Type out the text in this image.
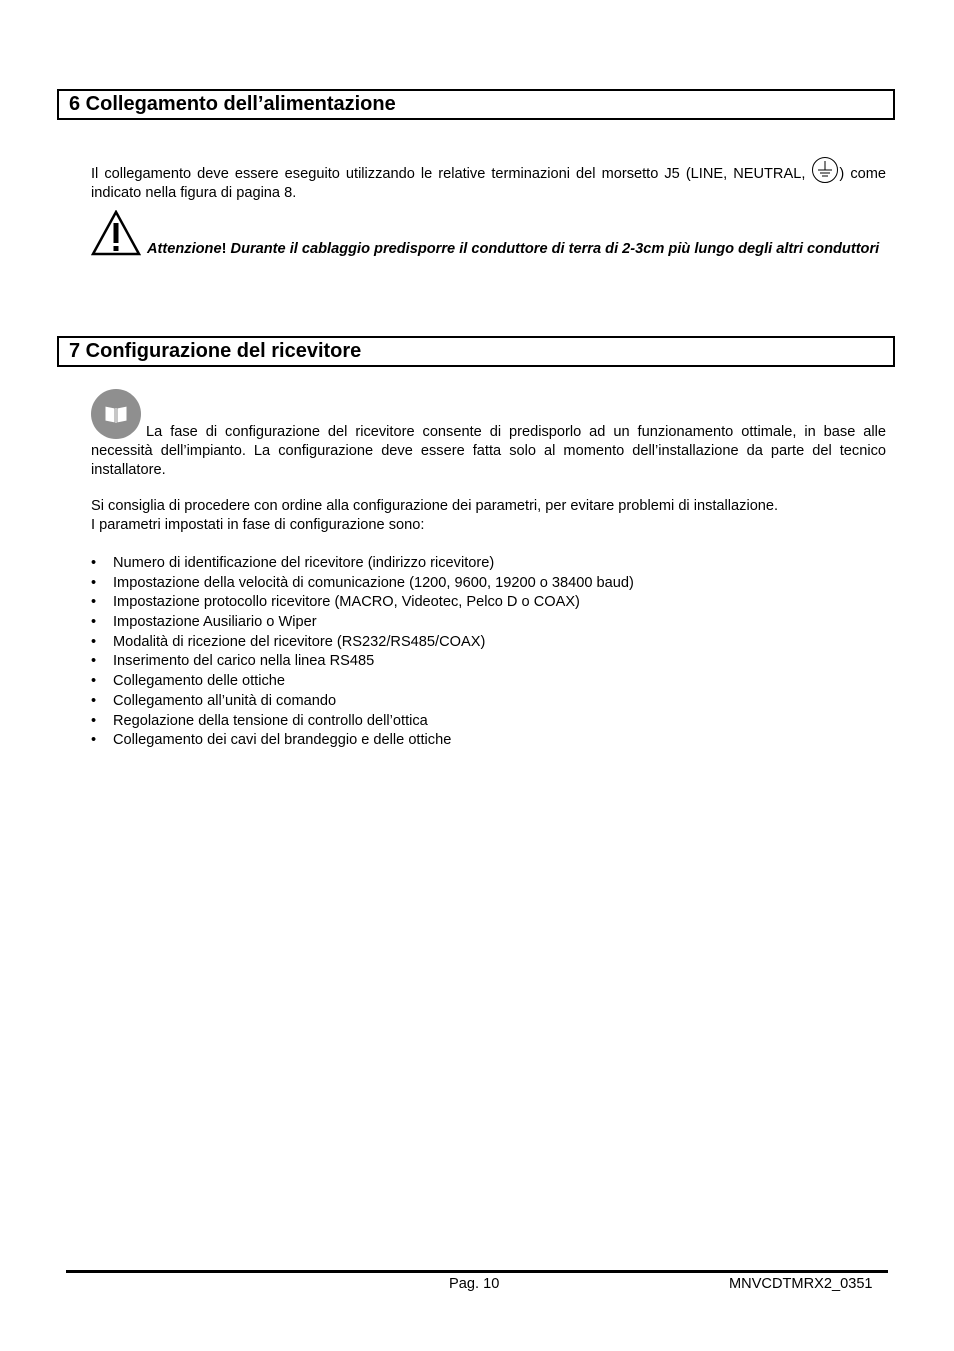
6 Collegamento dell’alimentazione
Il collegamento deve essere eseguito utilizzando le relative terminazioni del morsetto J5 (LINE, NEUTRAL, ) come indicato nella figura di pagina 8.
Attenzione! Durante il cablaggio predisporre il conduttore di terra di 2-3cm più lungo degli altri conduttori
7 Configurazione del ricevitore
La fase di configurazione del ricevitore consente di predisporlo ad un funzionamento ottimale, in base alle necessità dell’impianto. La configurazione deve essere fatta solo al momento dell’installazione da parte del tecnico installatore.
Si consiglia di procedere con ordine alla configurazione dei parametri, per evitare problemi di installazione.
I parametri impostati in fase di configurazione sono:
• Numero di identificazione del ricevitore (indirizzo ricevitore)
• Impostazione della velocità di comunicazione (1200, 9600, 19200 o 38400 baud)
• Impostazione protocollo ricevitore (MACRO, Videotec, Pelco D o COAX)
• Impostazione Ausiliario o Wiper
• Modalità di ricezione del ricevitore (RS232/RS485/COAX)
• Inserimento del carico nella linea RS485
• Collegamento delle ottiche
• Collegamento all’unità di comando
• Regolazione della tensione di controllo dell’ottica
• Collegamento dei cavi del brandeggio e delle ottiche
Pag. 10	MNVCDTMRX2_0351
